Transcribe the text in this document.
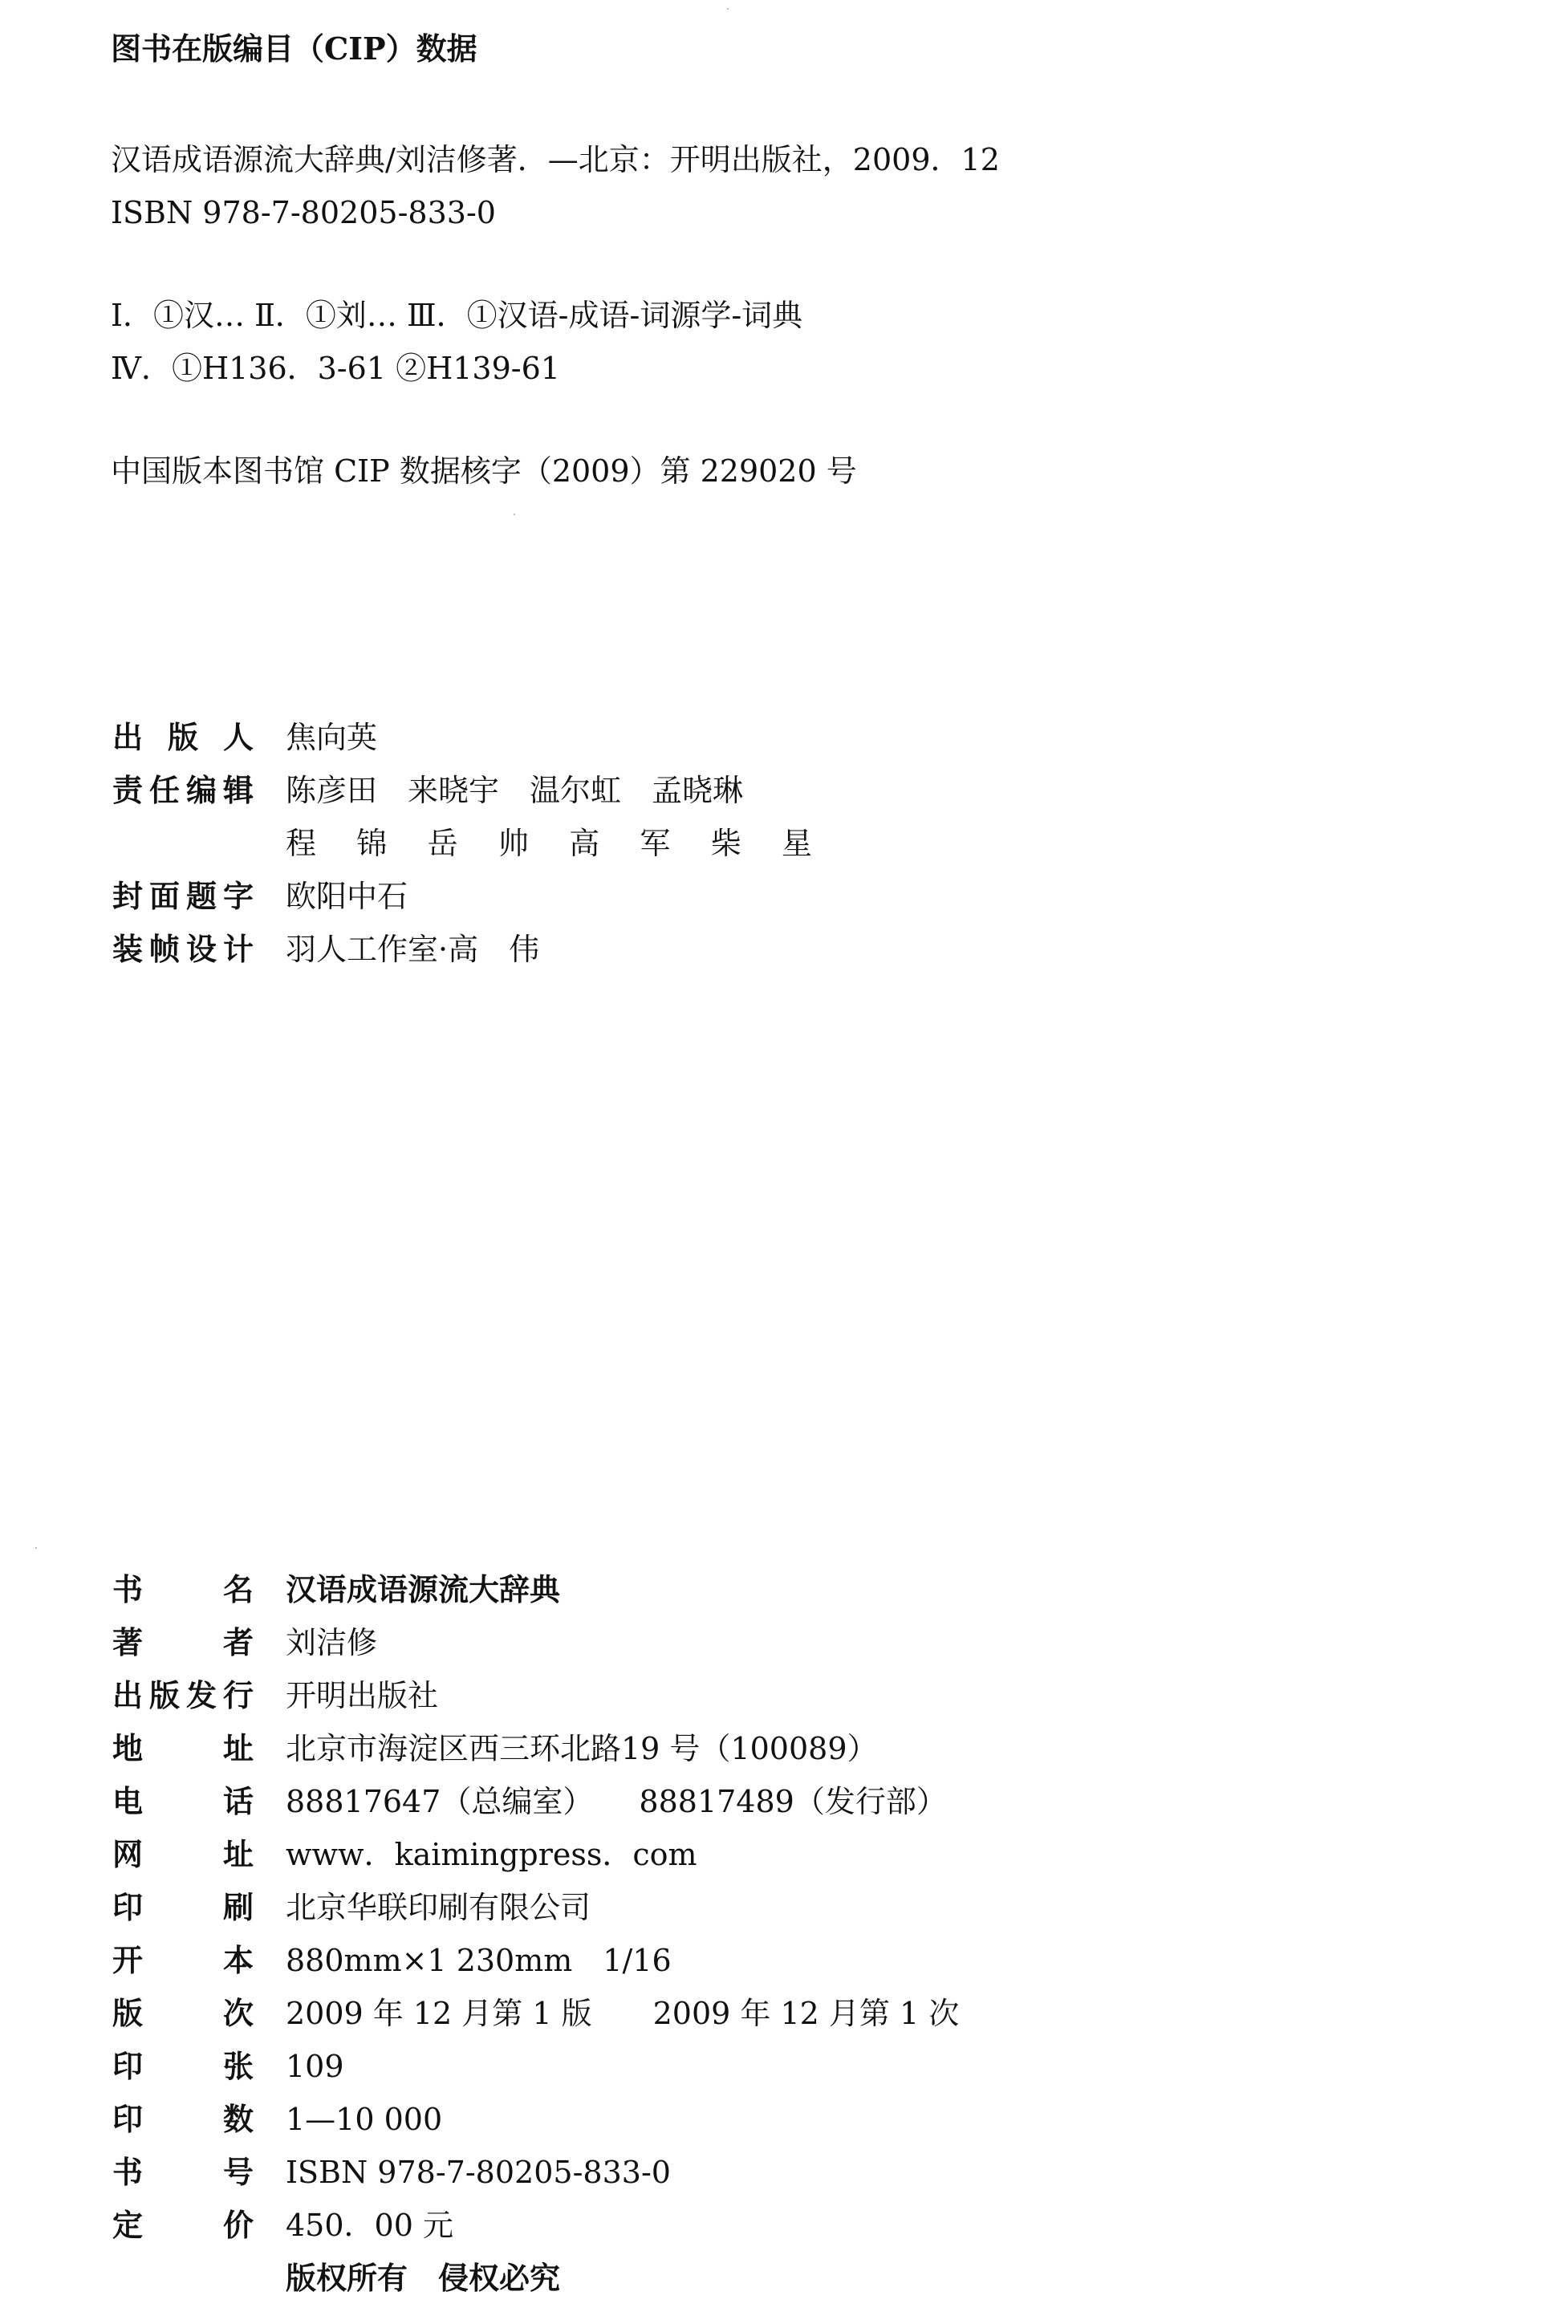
图书在版编目（CIP）数据
汉语成语源流大辞典/刘洁修著．—北京：开明出版社，2009．12
ISBN 978-7-80205-833-0
Ⅰ．①汉… Ⅱ．①刘… Ⅲ．①汉语-成语-词源学-词典
Ⅳ．①H136．3-61 ②H139-61
中国版本图书馆 CIP 数据核字（2009）第 229020 号
出 版 人 焦向英
责 任 编 辑 陈彦田　来晓宇　温尔虹　孟晓琳
程 锦 岳 帅 高 军 柴 星
封 面 题 字 欧阳中石
装 帧 设 计 羽人工作室·高　伟
书	名 汉语成语源流大辞典
著	者 刘洁修
出 版 发 行 开明出版社
地	址 北京市海淀区西三环北路19 号（100089）
电	话 88817647（总编室）　　88817489（发行部）
网	址 www．kaimingpress．com
印	刷 北京华联印刷有限公司
开	本 880mm×1 230mm　1/16
版	次 2009 年 12 月第 1 版　　2009 年 12 月第 1 次
印	张 109
印	数 1—10 000
书	号 ISBN 978-7-80205-833-0
定	价 450．00 元
版权所有　侵权必究
